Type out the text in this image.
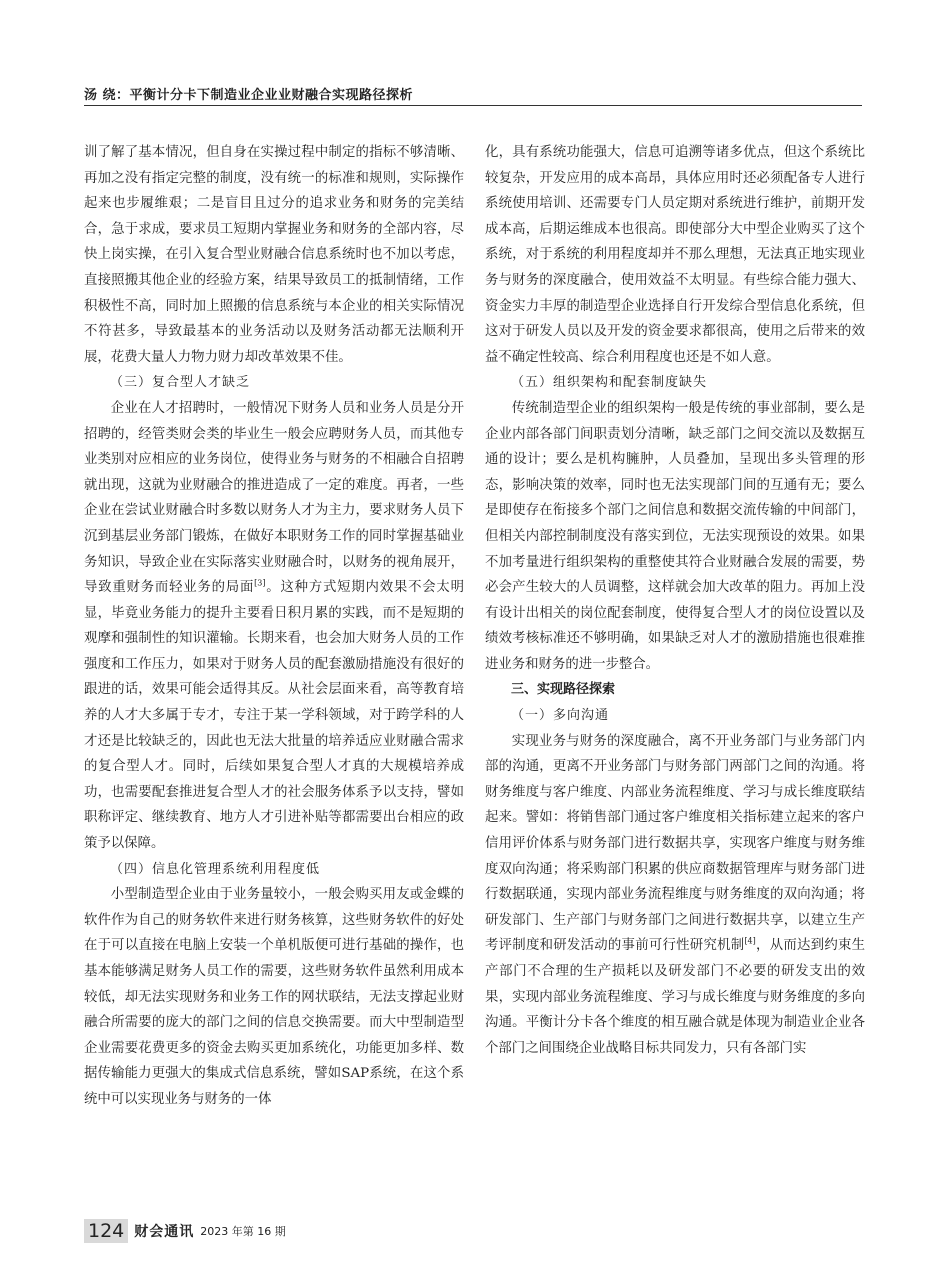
汤 绕：平衡计分卡下制造业企业业财融合实现路径探析

训了解了基本情况，但自身在实操过程中制定的指标不够清晰、再加之没有指定完整的制度，没有统一的标准和规则，实际操作起来也步履维艰；二是盲目且过分的追求业务和财务的完美结合，急于求成，要求员工短期内掌握业务和财务的全部内容，尽快上岗实操，在引入复合型业财融合信息系统时也不加以考虑，直接照搬其他企业的经验方案，结果导致员工的抵制情绪，工作积极性不高，同时加上照搬的信息系统与本企业的相关实际情况不符甚多，导致最基本的业务活动以及财务活动都无法顺利开展，花费大量人力物力财力却改革效果不佳。

（三）复合型人才缺乏

企业在人才招聘时，一般情况下财务人员和业务人员是分开招聘的，经管类财会类的毕业生一般会应聘财务人员，而其他专业类别对应相应的业务岗位，使得业务与财务的不相融合自招聘就出现，这就为业财融合的推进造成了一定的难度。再者，一些企业在尝试业财融合时多数以财务人才为主力，要求财务人员下沉到基层业务部门锻炼，在做好本职财务工作的同时掌握基础业务知识，导致企业在实际落实业财融合时，以财务的视角展开，导致重财务而轻业务的局面[3]。这种方式短期内效果不会太明显，毕竟业务能力的提升主要看日积月累的实践，而不是短期的观摩和强制性的知识灌输。长期来看，也会加大财务人员的工作强度和工作压力，如果对于财务人员的配套激励措施没有很好的跟进的话，效果可能会适得其反。从社会层面来看，高等教育培养的人才大多属于专才，专注于某一学科领域，对于跨学科的人才还是比较缺乏的，因此也无法大批量的培养适应业财融合需求的复合型人才。同时，后续如果复合型人才真的大规模培养成功，也需要配套推进复合型人才的社会服务体系予以支持，譬如职称评定、继续教育、地方人才引进补贴等都需要出台相应的政策予以保障。

（四）信息化管理系统利用程度低

小型制造型企业由于业务量较小，一般会购买用友或金蝶的软件作为自己的财务软件来进行财务核算，这些财务软件的好处在于可以直接在电脑上安装一个单机版便可进行基础的操作，也基本能够满足财务人员工作的需要，这些财务软件虽然利用成本较低，却无法实现财务和业务工作的网状联结，无法支撑起业财融合所需要的庞大的部门之间的信息交换需要。而大中型制造型企业需要花费更多的资金去购买更加系统化，功能更加多样、数据传输能力更强大的集成式信息系统，譬如SAP系统，在这个系统中可以实现业务与财务的一体

化，具有系统功能强大，信息可追溯等诸多优点，但这个系统比较复杂，开发应用的成本高昂，具体应用时还必须配备专人进行系统使用培训、还需要专门人员定期对系统进行维护，前期开发成本高，后期运维成本也很高。即使部分大中型企业购买了这个系统，对于系统的利用程度却并不那么理想，无法真正地实现业务与财务的深度融合，使用效益不太明显。有些综合能力强大、资金实力丰厚的制造型企业选择自行开发综合型信息化系统，但这对于研发人员以及开发的资金要求都很高，使用之后带来的效益不确定性较高、综合利用程度也还是不如人意。

（五）组织架构和配套制度缺失

传统制造型企业的组织架构一般是传统的事业部制，要么是企业内部各部门间职责划分清晰，缺乏部门之间交流以及数据互通的设计；要么是机构臃肿，人员叠加，呈现出多头管理的形态，影响决策的效率，同时也无法实现部门间的互通有无；要么是即使存在衔接多个部门之间信息和数据交流传输的中间部门，但相关内部控制制度没有落实到位，无法实现预设的效果。如果不加考量进行组织架构的重整使其符合业财融合发展的需要，势必会产生较大的人员调整，这样就会加大改革的阻力。再加上没有设计出相关的岗位配套制度，使得复合型人才的岗位设置以及绩效考核标准还不够明确，如果缺乏对人才的激励措施也很难推进业务和财务的进一步整合。

三、实现路径探索

（一）多向沟通

实现业务与财务的深度融合，离不开业务部门与业务部门内部的沟通，更离不开业务部门与财务部门两部门之间的沟通。将财务维度与客户维度、内部业务流程维度、学习与成长维度联结起来。譬如：将销售部门通过客户维度相关指标建立起来的客户信用评价体系与财务部门进行数据共享，实现客户维度与财务维度双向沟通；将采购部门积累的供应商数据管理库与财务部门进行数据联通，实现内部业务流程维度与财务维度的双向沟通；将研发部门、生产部门与财务部门之间进行数据共享，以建立生产考评制度和研发活动的事前可行性研究机制[4]，从而达到约束生产部门不合理的生产损耗以及研发部门不必要的研发支出的效果，实现内部业务流程维度、学习与成长维度与财务维度的多向沟通。平衡计分卡各个维度的相互融合就是体现为制造业企业各个部门之间围绕企业战略目标共同发力，只有各部门实

124 财会通讯 2023 年第 16 期
